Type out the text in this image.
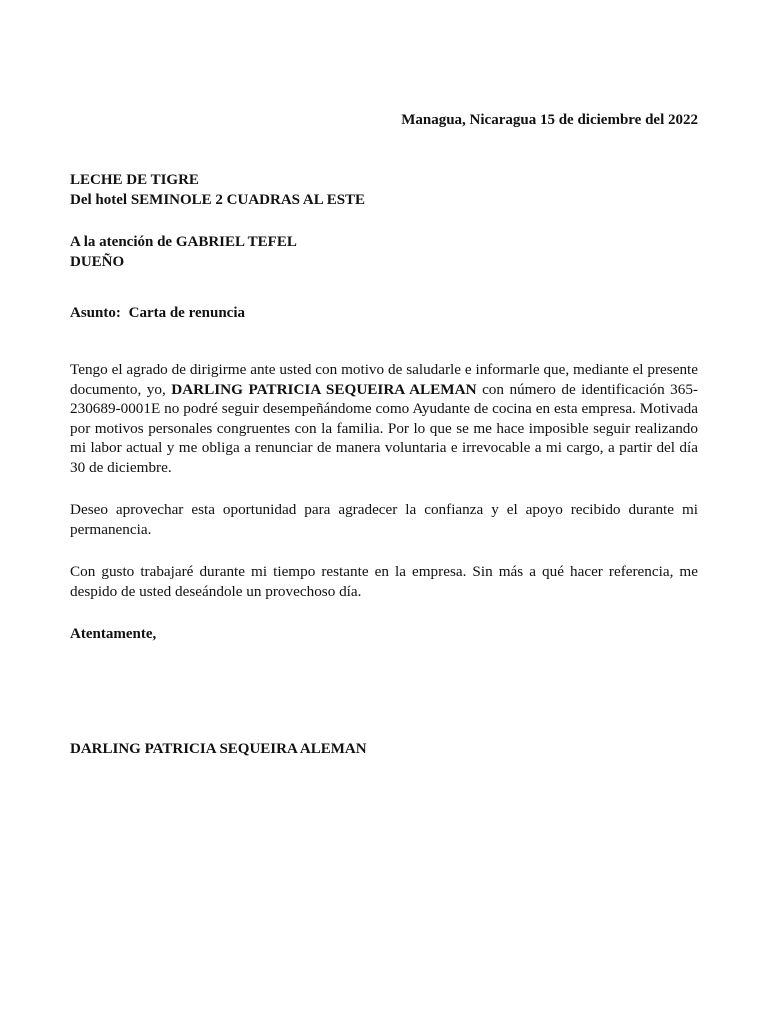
Managua, Nicaragua 15 de diciembre del 2022
LECHE DE TIGRE
Del hotel SEMINOLE 2 CUADRAS AL ESTE
A la atención de GABRIEL TEFEL
DUEÑO
Asunto: Carta de renuncia
Tengo el agrado de dirigirme ante usted con motivo de saludarle e informarle que, mediante el presente documento, yo, DARLING PATRICIA SEQUEIRA ALEMAN con número de identificación 365-230689-0001E no podré seguir desempeñándome como Ayudante de cocina en esta empresa. Motivada por motivos personales congruentes con la familia. Por lo que se me hace imposible seguir realizando mi labor actual y me obliga a renunciar de manera voluntaria e irrevocable a mi cargo, a partir del día 30 de diciembre.
Deseo aprovechar esta oportunidad para agradecer la confianza y el apoyo recibido durante mi permanencia.
Con gusto trabajaré durante mi tiempo restante en la empresa. Sin más a qué hacer referencia, me despido de usted deseándole un provechoso día.
Atentamente,
DARLING PATRICIA SEQUEIRA ALEMAN
